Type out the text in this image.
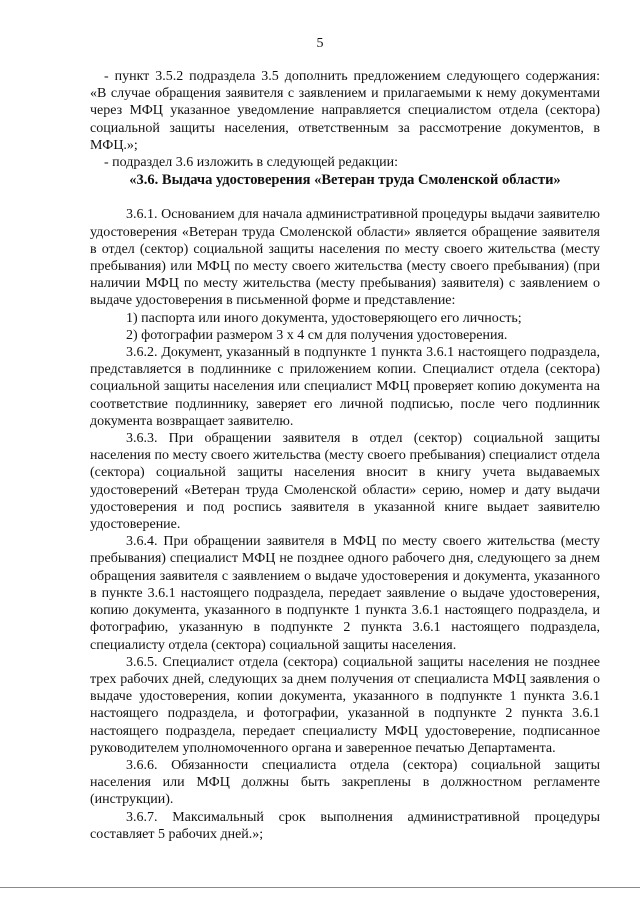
5

- пункт 3.5.2 подраздела 3.5 дополнить предложением следующего содержания: «В случае обращения заявителя с заявлением и прилагаемыми к нему документами через МФЦ указанное уведомление направляется специалистом отдела (сектора) социальной защиты населения, ответственным за рассмотрение документов, в МФЦ.»;

- подраздел 3.6 изложить в следующей редакции:

«3.6. Выдача удостоверения «Ветеран труда Смоленской области»

3.6.1. Основанием для начала административной процедуры выдачи заявителю удостоверения «Ветеран труда Смоленской области» является обращение заявителя в отдел (сектор) социальной защиты населения по месту своего жительства (месту пребывания) или МФЦ по месту своего жительства (месту своего пребывания) (при наличии МФЦ по месту жительства (месту пребывания) заявителя) с заявлением о выдаче удостоверения в письменной форме и представление:

1) паспорта или иного документа, удостоверяющего его личность;

2) фотографии размером 3 х 4 см для получения удостоверения.

3.6.2. Документ, указанный в подпункте 1 пункта 3.6.1 настоящего подраздела, представляется в подлиннике с приложением копии. Специалист отдела (сектора) социальной защиты населения или специалист МФЦ проверяет копию документа на соответствие подлиннику, заверяет его личной подписью, после чего подлинник документа возвращает заявителю.

3.6.3. При обращении заявителя в отдел (сектор) социальной защиты населения по месту своего жительства (месту своего пребывания) специалист отдела (сектора) социальной защиты населения вносит в книгу учета выдаваемых удостоверений «Ветеран труда Смоленской области» серию, номер и дату выдачи удостоверения и под роспись заявителя в указанной книге выдает заявителю удостоверение.

3.6.4. При обращении заявителя в МФЦ по месту своего жительства (месту пребывания) специалист МФЦ не позднее одного рабочего дня, следующего за днем обращения заявителя с заявлением о выдаче удостоверения и документа, указанного в пункте 3.6.1 настоящего подраздела, передает заявление о выдаче удостоверения, копию документа, указанного в подпункте 1 пункта 3.6.1 настоящего подраздела, и фотографию, указанную в подпункте 2 пункта 3.6.1 настоящего подраздела, специалисту отдела (сектора) социальной защиты населения.

3.6.5. Специалист отдела (сектора) социальной защиты населения не позднее трех рабочих дней, следующих за днем получения от специалиста МФЦ заявления о выдаче удостоверения, копии документа, указанного в подпункте 1 пункта 3.6.1 настоящего подраздела, и фотографии, указанной в подпункте 2 пункта 3.6.1 настоящего подраздела, передает специалисту МФЦ удостоверение, подписанное руководителем уполномоченного органа и заверенное печатью Департамента.

3.6.6. Обязанности специалиста отдела (сектора) социальной защиты населения или МФЦ должны быть закреплены в должностном регламенте (инструкции).

3.6.7. Максимальный срок выполнения административной процедуры составляет 5 рабочих дней.»;
